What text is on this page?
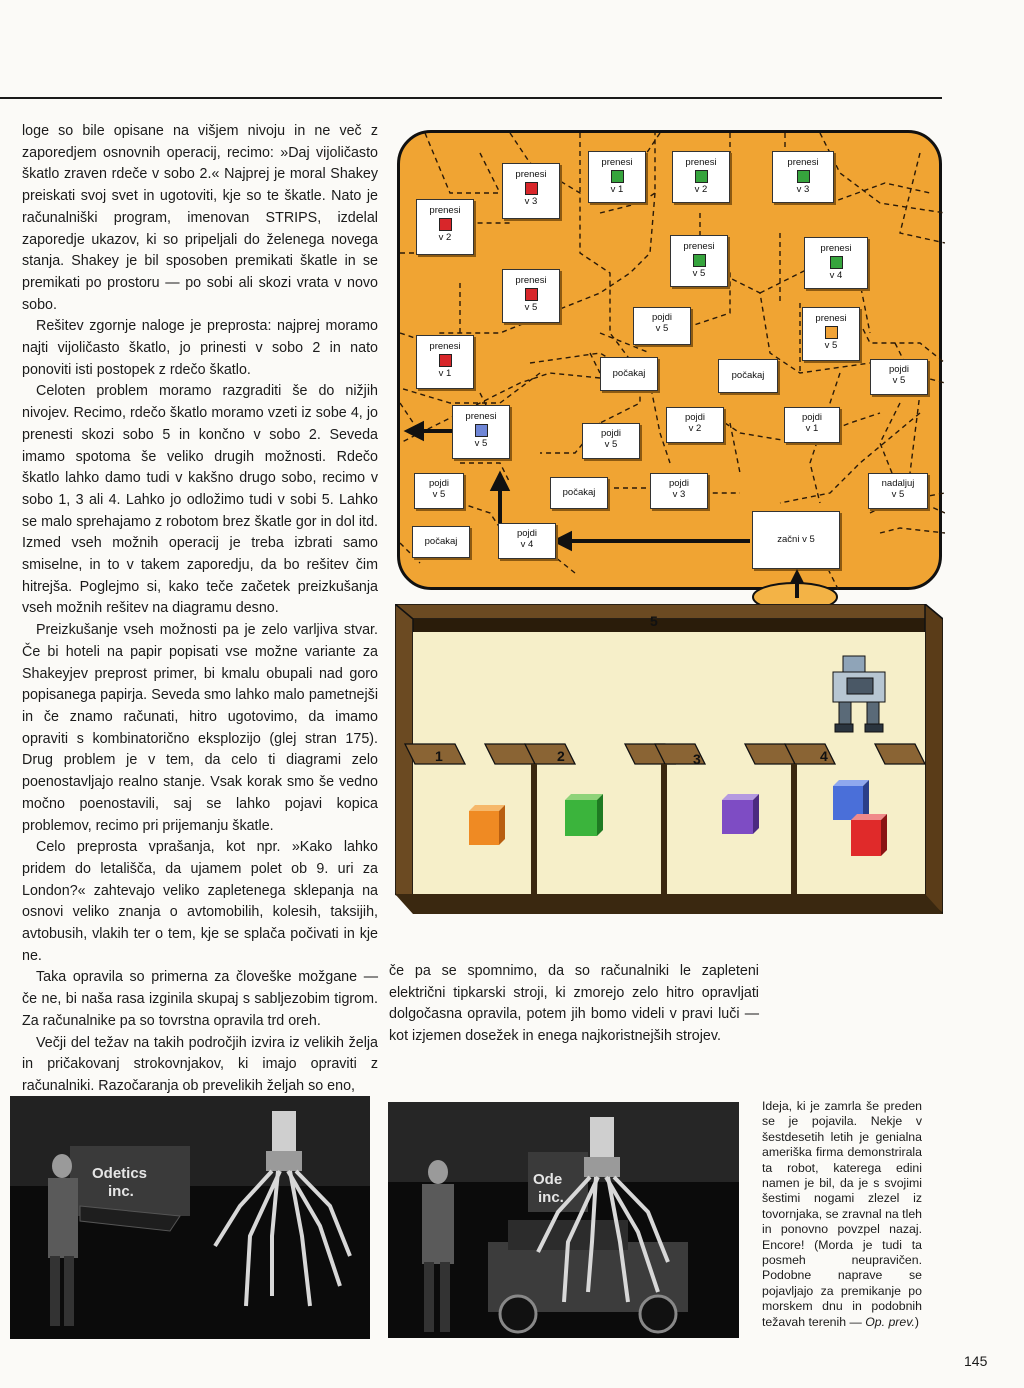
loge so bile opisane na višjem nivoju in ne več z zaporedjem osnovnih operacij, recimo: »Daj vijoličasto škatlo zraven rdeče v sobo 2.« Najprej je moral Shakey preiskati svoj svet in ugotoviti, kje so te škatle. Nato je računalniški program, imenovan STRIPS, izdelal zaporedje ukazov, ki so pripeljali do želenega novega stanja. Shakey je bil sposoben premikati škatle in se premikati po prostoru — po sobi ali skozi vrata v novo sobo.

Rešitev zgornje naloge je preprosta: najprej moramo najti vijoličasto škatlo, jo prinesti v sobo 2 in nato ponoviti isti postopek z rdečo škatlo.

Celoten problem moramo razgraditi še do nižjih nivojev. Recimo, rdečo škatlo moramo vzeti iz sobe 4, jo prenesti skozi sobo 5 in končno v sobo 2. Seveda imamo spotoma še veliko drugih možnosti. Rdečo škatlo lahko damo tudi v kakšno drugo sobo, recimo v sobo 1, 3 ali 4. Lahko jo odložimo tudi v sobi 5. Lahko se malo sprehajamo z robotom brez škatle gor in dol itd. Izmed vseh možnih operacij je treba izbrati samo smiselne, in to v takem zaporedju, da bo rešitev čim hitrejša. Poglejmo si, kako teče začetek preizkušanja vseh možnih rešitev na diagramu desno.

Preizkušanje vseh možnosti pa je zelo varljiva stvar. Če bi hoteli na papir popisati vse možne variante za Shakeyjev preprost primer, bi kmalu obupali nad goro popisanega papirja. Seveda smo lahko malo pametnejši in če znamo računati, hitro ugotovimo, da imamo opraviti s kombinatorično eksplozijo (glej stran 175). Drug problem je v tem, da celo ti diagrami zelo poenostavljajo realno stanje. Vsak korak smo še vedno močno poenostavili, saj se lahko pojavi kopica problemov, recimo pri prijemanju škatle.

Celo preprosta vprašanja, kot npr. »Kako lahko pridem do letališča, da ujamem polet ob 9. uri za London?« zahtevajo veliko zapletenega sklepanja na osnovi veliko znanja o avtomobilih, kolesih, taksijih, avtobusih, vlakih ter o tem, kje se splača počivati in kje ne.

Taka opravila so primerna za človeške možgane — če ne, bi naša rasa izginila skupaj s sabljezobim tigrom. Za računalnike pa so tovrstna opravila trd oreh.

Večji del težav na takih področjih izvira iz velikih želja in pričakovanj strokovnjakov, ki imajo opraviti z računalniki. Razočaranja ob prevelikih željah so eno,

prenesi
v 2
prenesi
v 3
prenesi
v 1
prenesi
v 2
prenesi
v 3
prenesi
v 5
prenesi
v 4
prenesi
v 5
pojdi
v 5
prenesi
v 5
prenesi
v 1	počakaj	počakaj
pojdi
v 5
prenesi
v 5
pojdi
v 5
pojdi
v 2
pojdi
v 1
pojdi
v 5	počakaj
pojdi
v 3
nadaljuj
v 5
počakaj
pojdi
v 4	začni v 5
5
1	2	3	4

če pa se spomnimo, da so računalniki le zapleteni električni tipkarski stroji, ki zmorejo zelo hitro opravljati dolgočasna opravila, potem jih bomo videli v pravi luči — kot izjemen dosežek in enega najkoristnejših strojev.

Odetics
inc.
Ode
inc.
Ideja, ki je zamrla še preden se je pojavila. Nekje v šestdesetih letih je genialna ameriška firma demonstrirala ta robot, katerega edini namen je bil, da je s svojimi šestimi nogami zlezel iz tovornjaka, se zravnal na tleh in ponovno povzpel nazaj. Encore! (Morda je tudi ta posmeh neupravičen. Podobne naprave se pojavljajo za premikanje po morskem dnu in podobnih težavah terenih — Op. prev.)
145
